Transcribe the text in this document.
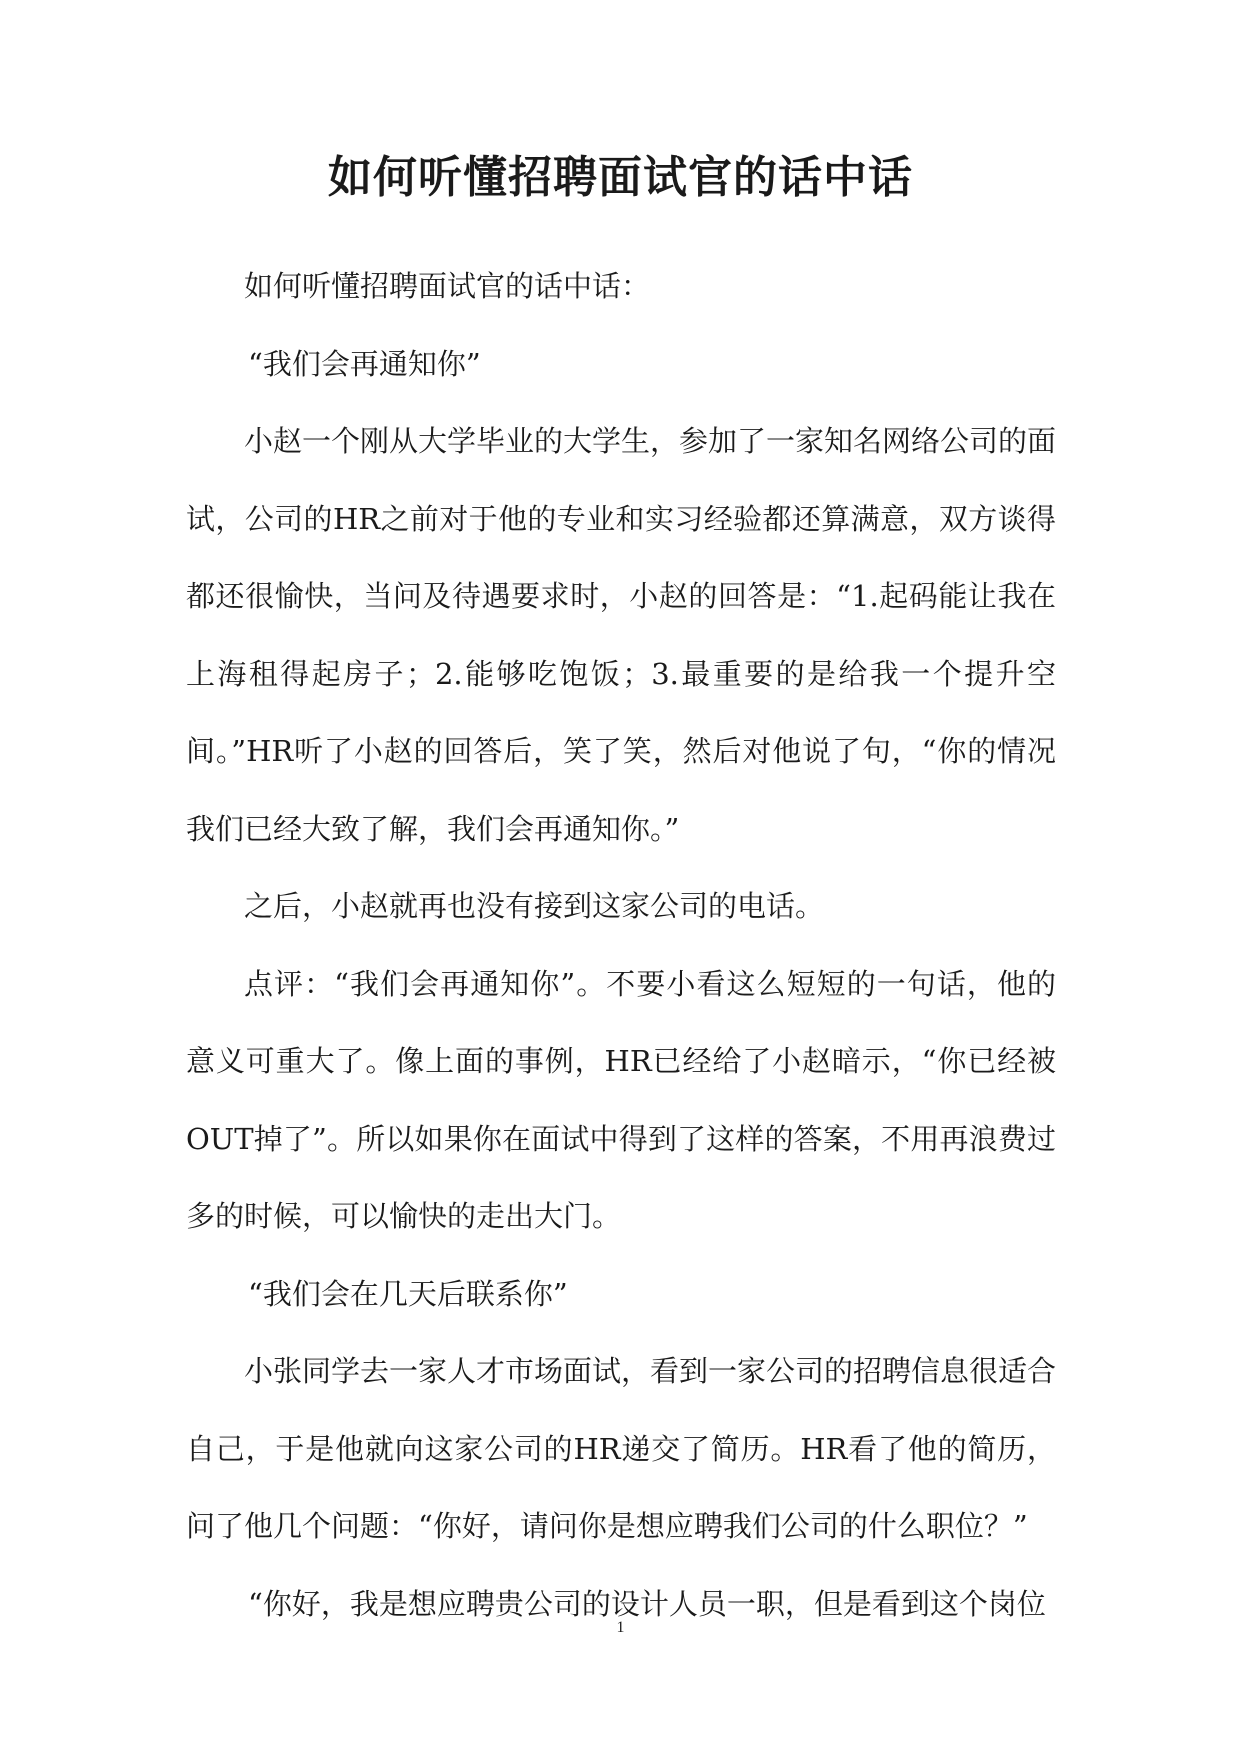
如何听懂招聘面试官的话中话

如何听懂招聘面试官的话中话：

“我们会再通知你”

小赵一个刚从大学毕业的大学生，参加了一家知名网络公司的面试，公司的HR之前对于他的专业和实习经验都还算满意，双方谈得都还很愉快，当问及待遇要求时，小赵的回答是：“1.起码能让我在上海租得起房子；2.能够吃饱饭；3.最重要的是给我一个提升空间。”HR听了小赵的回答后，笑了笑，然后对他说了句，“你的情况我们已经大致了解，我们会再通知你。”

之后，小赵就再也没有接到这家公司的电话。

点评：“我们会再通知你”。不要小看这么短短的一句话，他的意义可重大了。像上面的事例，HR已经给了小赵暗示，“你已经被OUT掉了”。所以如果你在面试中得到了这样的答案，不用再浪费过多的时候，可以愉快的走出大门。

“我们会在几天后联系你”

小张同学去一家人才市场面试，看到一家公司的招聘信息很适合自己，于是他就向这家公司的HR递交了简历。HR看了他的简历，问了他几个问题：“你好，请问你是想应聘我们公司的什么职位？”

“你好，我是想应聘贵公司的设计人员一职，但是看到这个岗位

1
